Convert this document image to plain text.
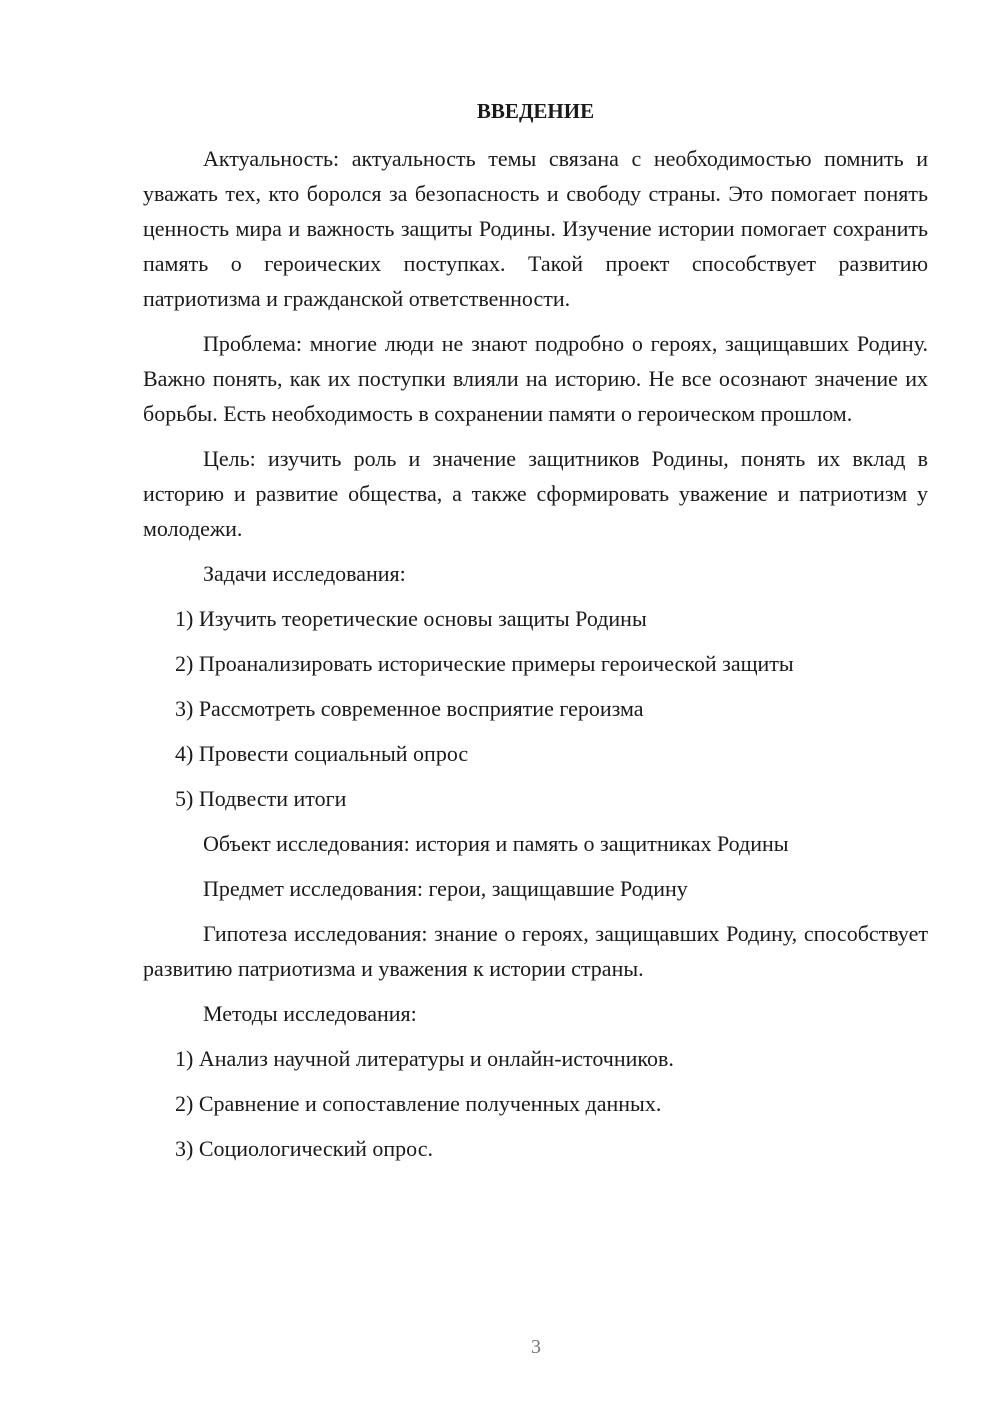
ВВЕДЕНИЕ

Актуальность: актуальность темы связана с необходимостью помнить и уважать тех, кто боролся за безопасность и свободу страны. Это помогает понять ценность мира и важность защиты Родины. Изучение истории помогает сохранить память о героических поступках. Такой проект способствует развитию патриотизма и гражданской ответственности.

Проблема: многие люди не знают подробно о героях, защищавших Родину. Важно понять, как их поступки влияли на историю. Не все осознают значение их борьбы. Есть необходимость в сохранении памяти о героическом прошлом.

Цель: изучить роль и значение защитников Родины, понять их вклад в историю и развитие общества, а также сформировать уважение и патриотизм у молодежи.

Задачи исследования:

1) Изучить теоретические основы защиты Родины
2) Проанализировать исторические примеры героической защиты
3) Рассмотреть современное восприятие героизма
4) Провести социальный опрос
5) Подвести итоги

Объект исследования: история и память о защитниках Родины

Предмет исследования: герои, защищавшие Родину

Гипотеза исследования: знание о героях, защищавших Родину, способствует развитию патриотизма и уважения к истории страны.

Методы исследования:

1) Анализ научной литературы и онлайн-источников.
2) Сравнение и сопоставление полученных данных.
3) Социологический опрос.
3
